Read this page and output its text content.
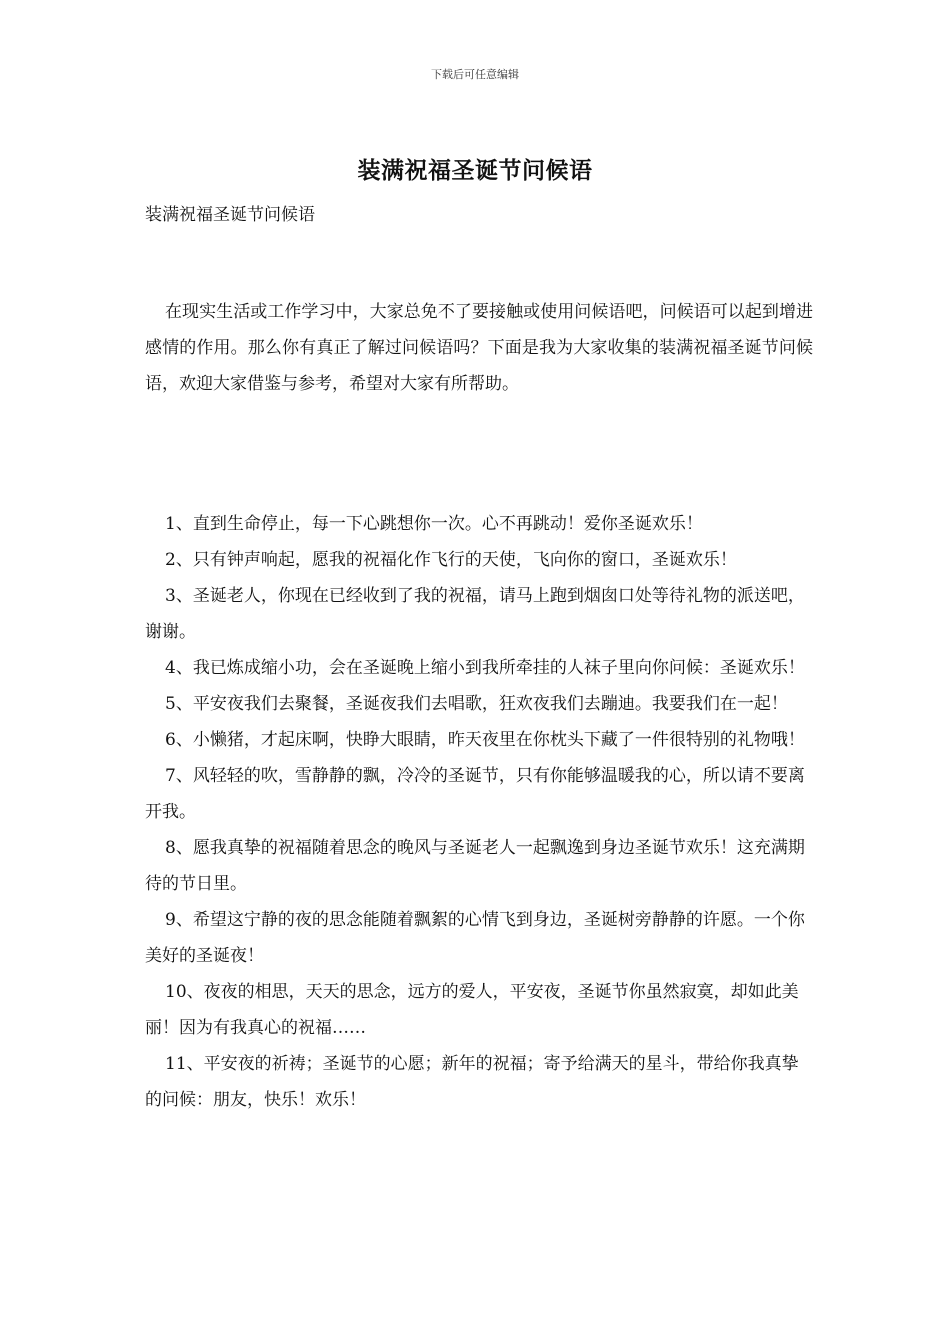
下载后可任意编辑
装满祝福圣诞节问候语
装满祝福圣诞节问候语

在现实生活或工作学习中，大家总免不了要接触或使用问候语吧，问候语可以起到增进感情的作用。那么你有真正了解过问候语吗？下面是我为大家收集的装满祝福圣诞节问候语，欢迎大家借鉴与参考，希望对大家有所帮助。

1、直到生命停止，每一下心跳想你一次。心不再跳动！爱你圣诞欢乐！

2、只有钟声响起，愿我的祝福化作飞行的天使，飞向你的窗口，圣诞欢乐！

3、圣诞老人，你现在已经收到了我的祝福，请马上跑到烟囱口处等待礼物的派送吧，谢谢。

4、我已炼成缩小功，会在圣诞晚上缩小到我所牵挂的人袜子里向你问候：圣诞欢乐！

5、平安夜我们去聚餐，圣诞夜我们去唱歌，狂欢夜我们去蹦迪。我要我们在一起！

6、小懒猪，才起床啊，快睁大眼睛，昨天夜里在你枕头下藏了一件很特别的礼物哦！

7、风轻轻的吹，雪静静的飘，冷冷的圣诞节，只有你能够温暖我的心，所以请不要离开我。

8、愿我真挚的祝福随着思念的晚风与圣诞老人一起飘逸到身边圣诞节欢乐！这充满期待的节日里。

9、希望这宁静的夜的思念能随着飘絮的心情飞到身边，圣诞树旁静静的许愿。一个你美好的圣诞夜！

10、夜夜的相思，天天的思念，远方的爱人，平安夜，圣诞节你虽然寂寞，却如此美丽！因为有我真心的祝福……

11、平安夜的祈祷；圣诞节的心愿；新年的祝福；寄予给满天的星斗，带给你我真挚的问候：朋友，快乐！欢乐！
